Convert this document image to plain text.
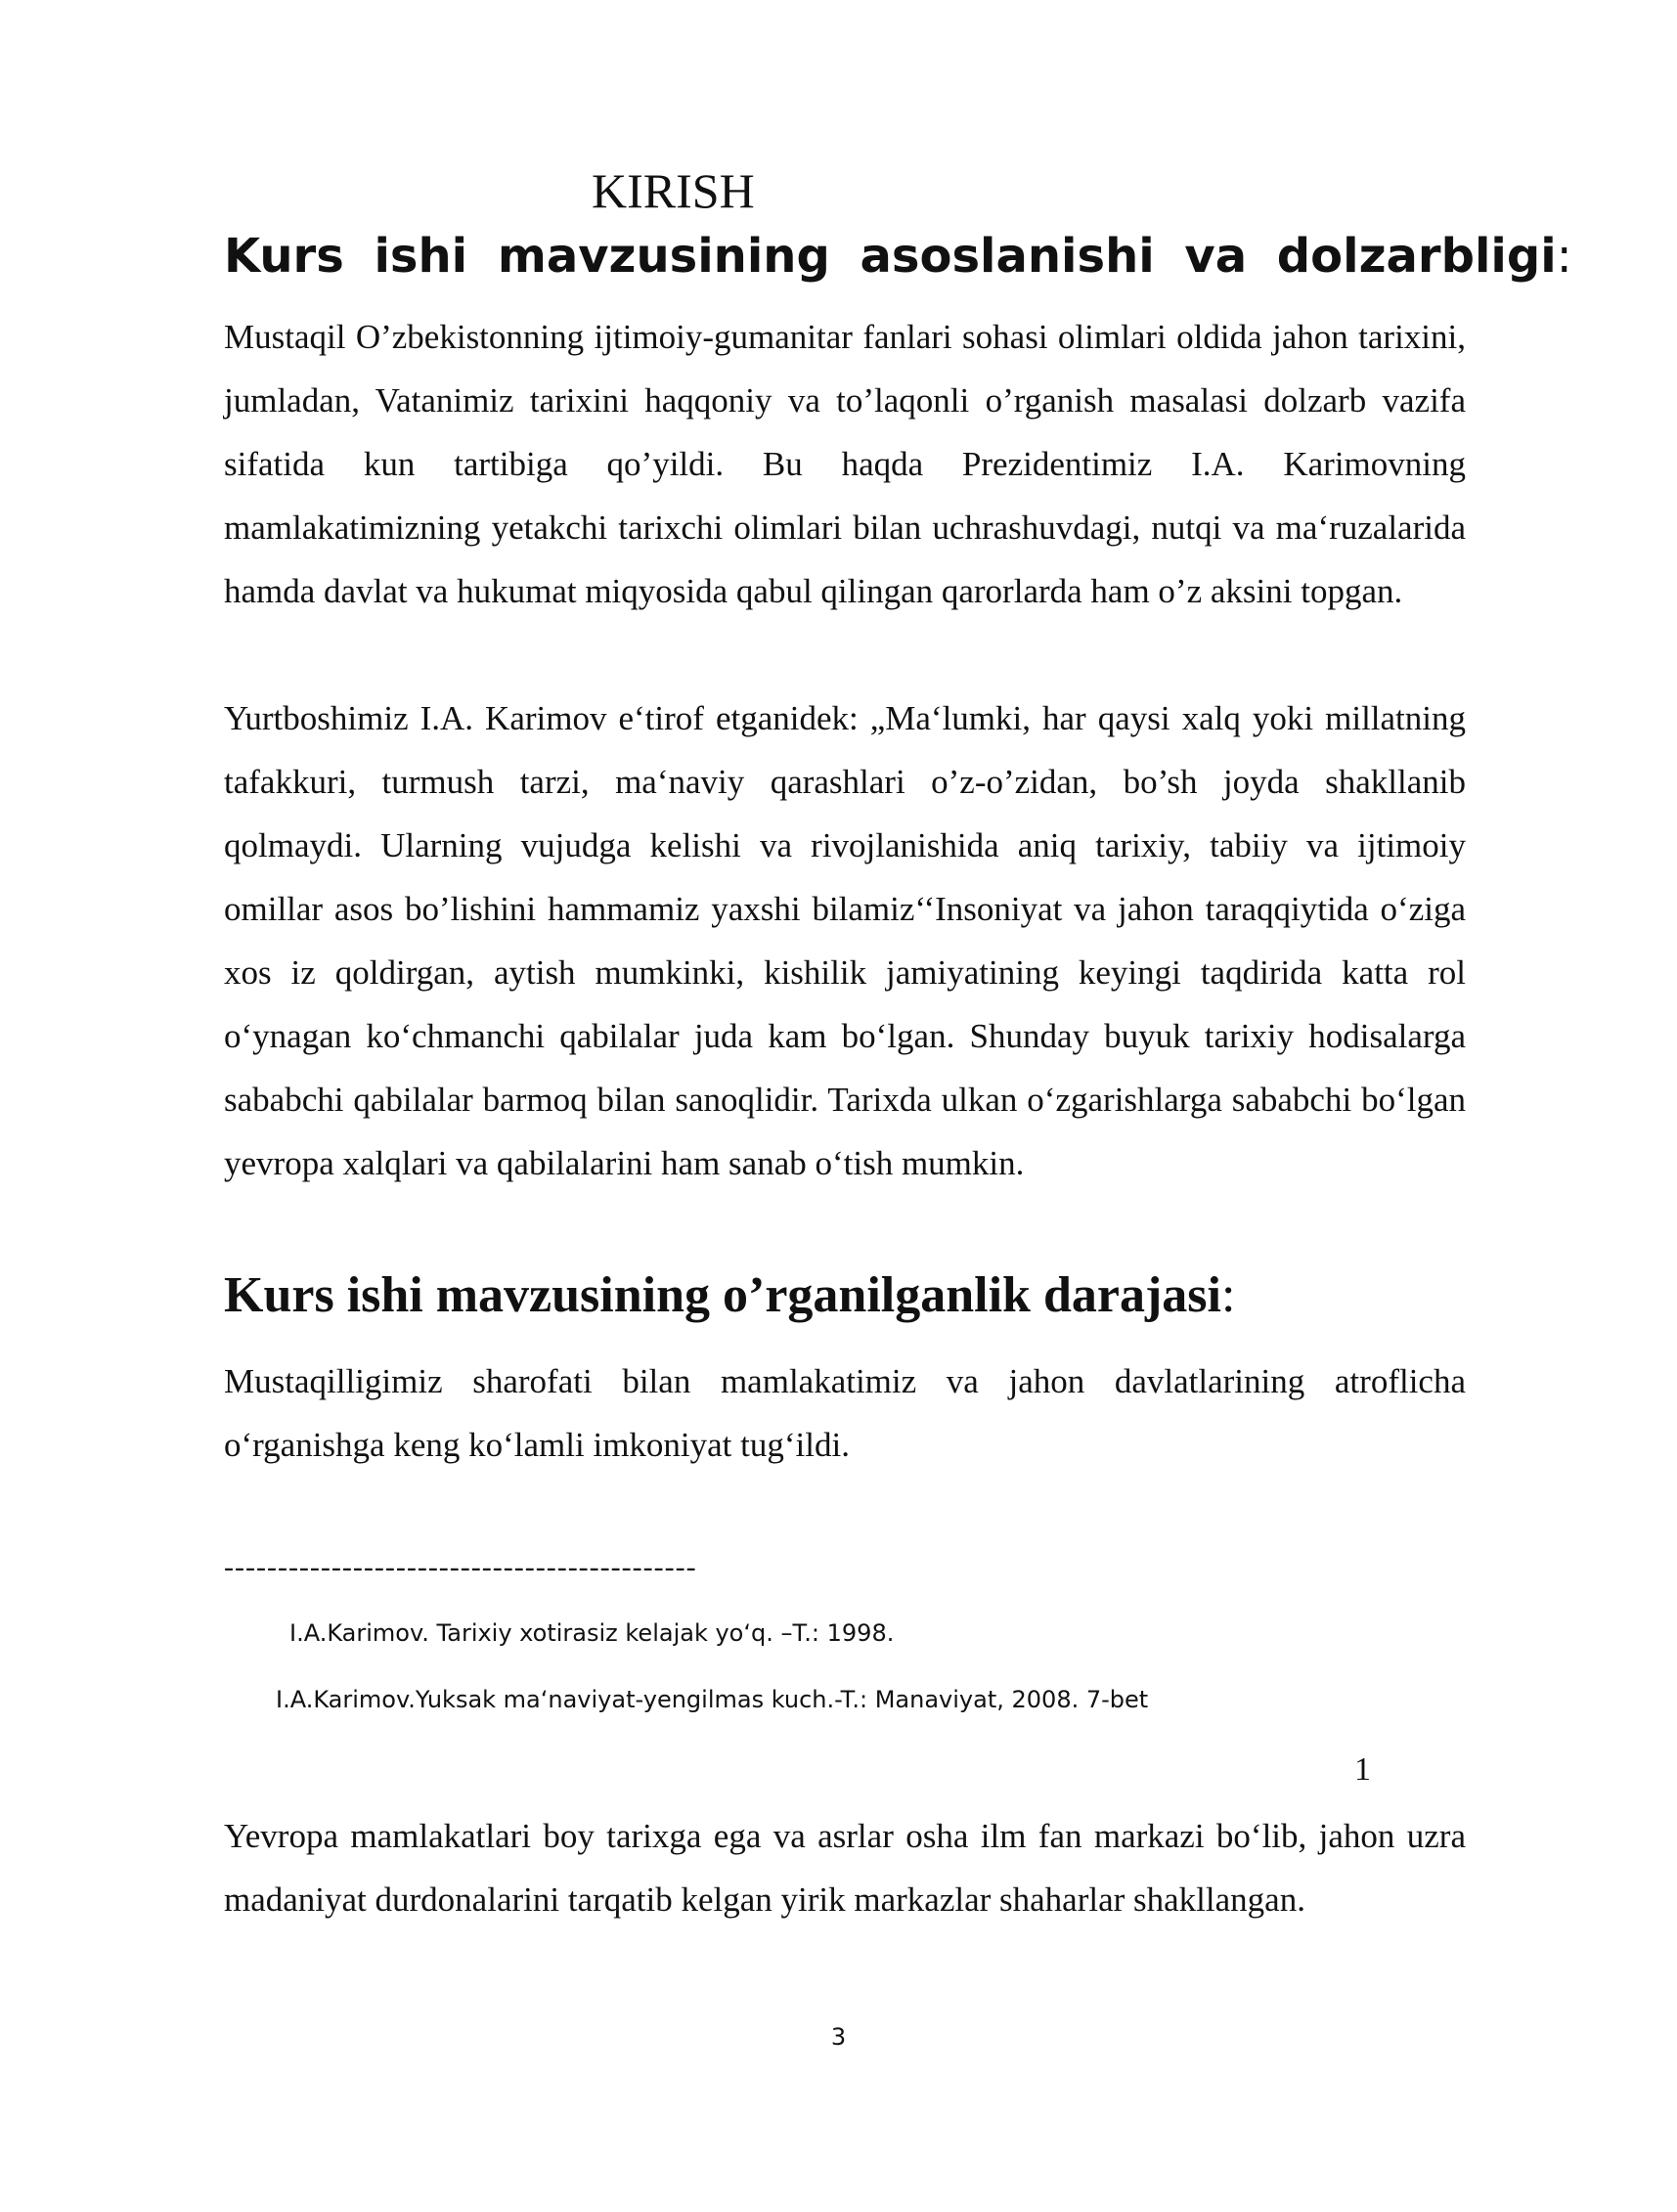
KIRISH
Kurs ishi mavzusining asoslanishi va dolzarbligi:

Mustaqil O’zbekistonning ijtimoiy-gumanitar fanlari sohasi olimlari oldida jahon tarixini, jumladan, Vatanimiz tarixini haqqoniy va to’laqonli o’rganish masalasi dolzarb vazifa sifatida kun tartibiga qo’yildi. Bu haqda Prezidentimiz I.A. Karimovning mamlakatimizning yetakchi tarixchi olimlari bilan uchrashuvdagi, nutqi va ma‘ruzalarida hamda davlat va hukumat miqyosida qabul qilingan qarorlarda ham o’z aksini topgan.

Yurtboshimiz I.A. Karimov e‘tirof etganidek: „Ma‘lumki, har qaysi xalq yoki millatning tafakkuri, turmush tarzi, ma‘naviy qarashlari o’z-o’zidan, bo’sh joyda shakllanib qolmaydi. Ularning vujudga kelishi va rivojlanishida aniq tarixiy, tabiiy va ijtimoiy omillar asos bo’lishini hammamiz yaxshi bilamiz‘‘Insoniyat va jahon taraqqiytida o‘ziga xos iz qoldirgan, aytish mumkinki, kishilik jamiyatining keyingi taqdirida katta rol o‘ynagan ko‘chmanchi qabilalar juda kam bo‘lgan. Shunday buyuk tarixiy hodisalarga sababchi qabilalar barmoq bilan sanoqlidir. Tarixda ulkan o‘zgarishlarga sababchi bo‘lgan yevropa xalqlari va qabilalarini ham sanab o‘tish mumkin.

Kurs ishi mavzusining o’rganilganlik darajasi:

Mustaqilligimiz sharofati bilan mamlakatimiz va jahon davlatlarining atroflicha o‘rganishga keng ko‘lamli imkoniyat tug‘ildi.

--------------------------------------------
I.A.Karimov. Tarixiy xotirasiz kelajak yo‘q. –T.: 1998.
I.A.Karimov.Yuksak ma‘naviyat-yengilmas kuch.-T.: Manaviyat, 2008. 7-bet
1

Yevropa mamlakatlari boy tarixga ega va asrlar osha ilm fan markazi bo‘lib, jahon uzra madaniyat durdonalarini tarqatib kelgan yirik markazlar shaharlar shakllangan.

3
